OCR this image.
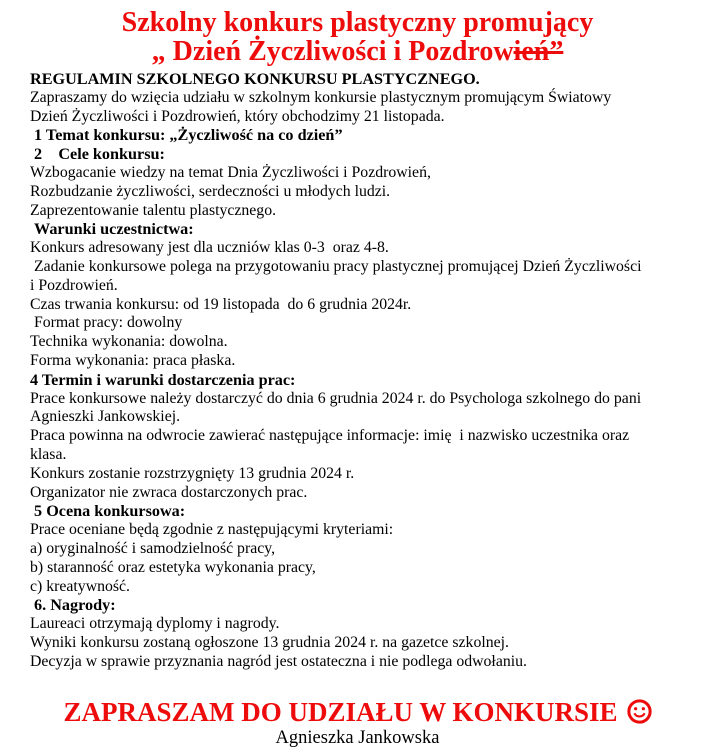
Szkolny konkurs plastyczny promujący
„ Dzień Życzliwości i Pozdrowień”

REGULAMIN SZKOLNEGO KONKURSU PLASTYCZNEGO.

Zapraszamy do wzięcia udziału w szkolnym konkursie plastycznym promującym Światowy

Dzień Życzliwości i Pozdrowień, który obchodzimy 21 listopada.

1 Temat konkursu: „Życzliwość na co dzień”

2    Cele konkursu:

Wzbogacanie wiedzy na temat Dnia Życzliwości i Pozdrowień,

Rozbudzanie życzliwości, serdeczności u młodych ludzi.

Zaprezentowanie talentu plastycznego.

Warunki uczestnictwa:

Konkurs adresowany jest dla uczniów klas 0-3  oraz 4-8.

Zadanie konkursowe polega na przygotowaniu pracy plastycznej promującej Dzień Życzliwości

i Pozdrowień.

Czas trwania konkursu: od 19 listopada  do 6 grudnia 2024r.

Format pracy: dowolny

Technika wykonania: dowolna.

Forma wykonania: praca płaska.

4 Termin i warunki dostarczenia prac:

Prace konkursowe należy dostarczyć do dnia 6 grudnia 2024 r. do Psychologa szkolnego do pani

Agnieszki Jankowskiej.

Praca powinna na odwrocie zawierać następujące informacje: imię  i nazwisko uczestnika oraz

klasa.

Konkurs zostanie rozstrzygnięty 13 grudnia 2024 r.

Organizator nie zwraca dostarczonych prac.

5 Ocena konkursowa:

Prace oceniane będą zgodnie z następującymi kryteriami:

a) oryginalność i samodzielność pracy,

b) staranność oraz estetyka wykonania pracy,

c) kreatywność.

6. Nagrody:

Laureaci otrzymają dyplomy i nagrody.

Wyniki konkursu zostaną ogłoszone 13 grudnia 2024 r. na gazetce szkolnej.

Decyzja w sprawie przyznania nagród jest ostateczna i nie podlega odwołaniu.

ZAPRASZAM DO UDZIAŁU W KONKURSIE
Agnieszka Jankowska
